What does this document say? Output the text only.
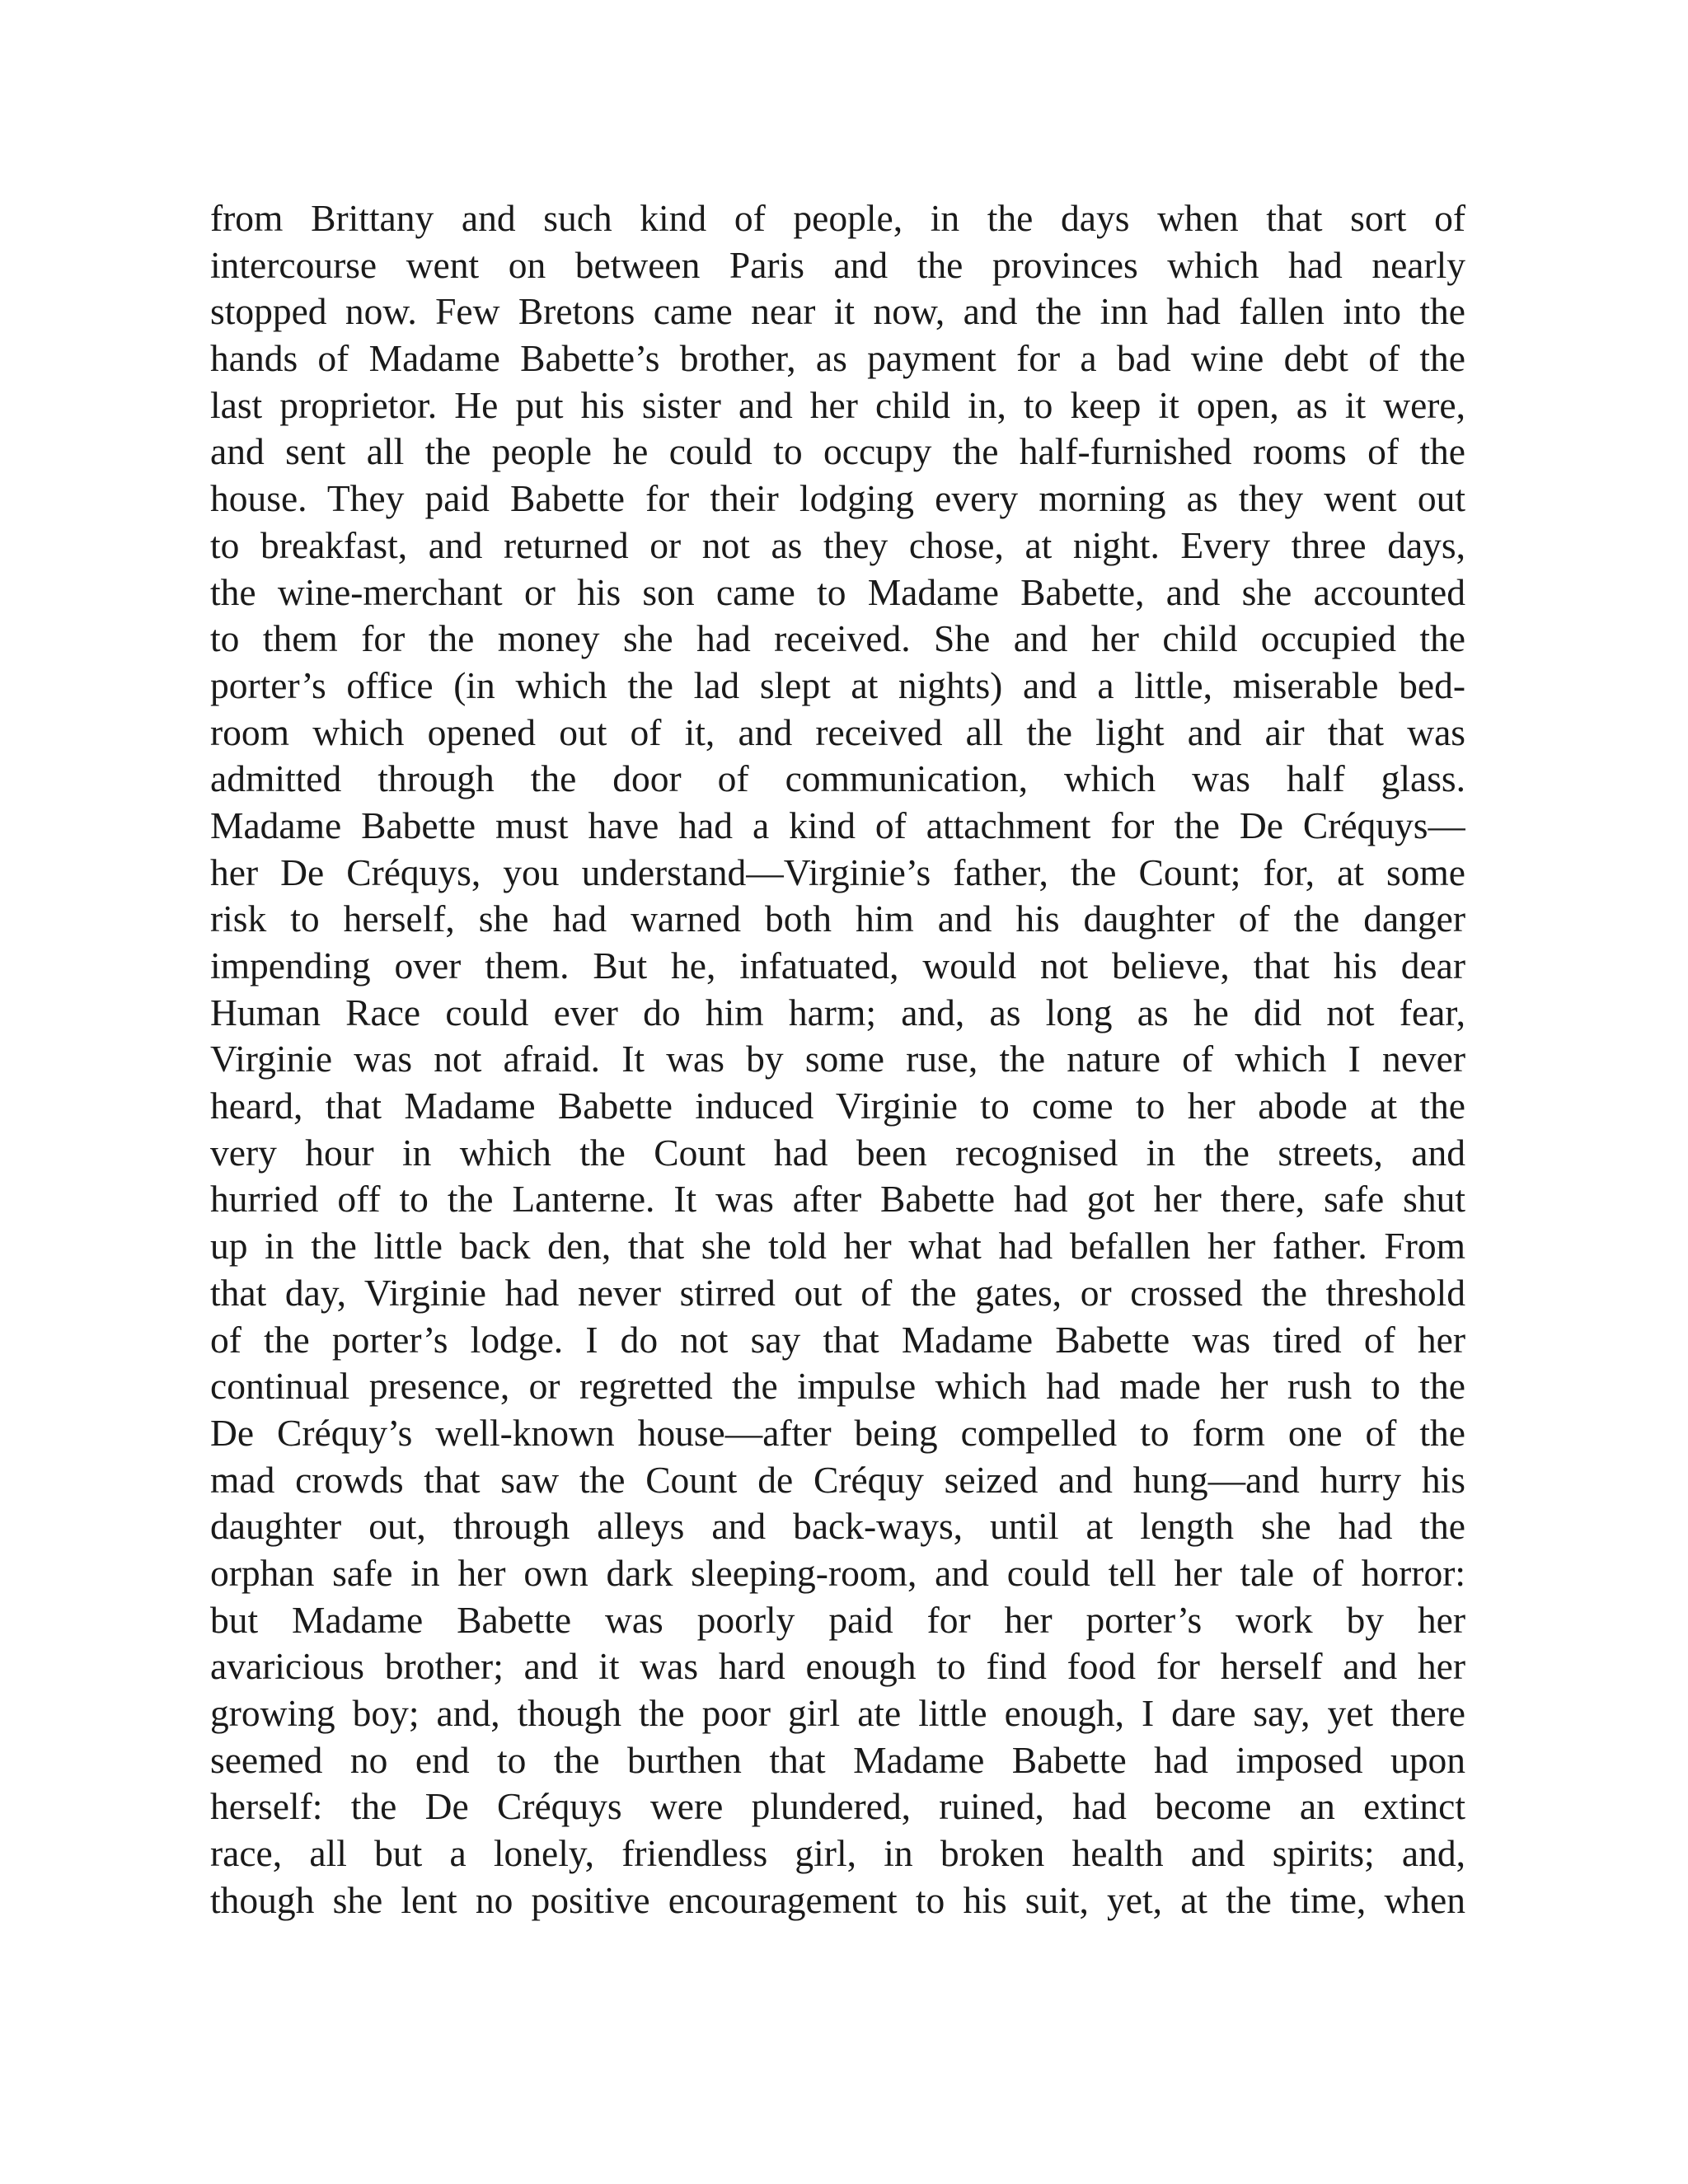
from Brittany and such kind of people, in the days when that sort of
intercourse went on between Paris and the provinces which had nearly
stopped now. Few Bretons came near it now, and the inn had fallen into the
hands of Madame Babette’s brother, as payment for a bad wine debt of the
last proprietor. He put his sister and her child in, to keep it open, as it were,
and sent all the people he could to occupy the half-furnished rooms of the
house. They paid Babette for their lodging every morning as they went out
to breakfast, and returned or not as they chose, at night. Every three days,
the wine-merchant or his son came to Madame Babette, and she accounted
to them for the money she had received. She and her child occupied the
porter’s office (in which the lad slept at nights) and a little, miserable bed-
room which opened out of it, and received all the light and air that was
admitted through the door of communication, which was half glass.
Madame Babette must have had a kind of attachment for the De Créquys—
her De Créquys, you understand—Virginie’s father, the Count; for, at some
risk to herself, she had warned both him and his daughter of the danger
impending over them. But he, infatuated, would not believe, that his dear
Human Race could ever do him harm; and, as long as he did not fear,
Virginie was not afraid. It was by some ruse, the nature of which I never
heard, that Madame Babette induced Virginie to come to her abode at the
very hour in which the Count had been recognised in the streets, and
hurried off to the Lanterne. It was after Babette had got her there, safe shut
up in the little back den, that she told her what had befallen her father. From
that day, Virginie had never stirred out of the gates, or crossed the threshold
of the porter’s lodge. I do not say that Madame Babette was tired of her
continual presence, or regretted the impulse which had made her rush to the
De Créquy’s well-known house—after being compelled to form one of the
mad crowds that saw the Count de Créquy seized and hung—and hurry his
daughter out, through alleys and back-ways, until at length she had the
orphan safe in her own dark sleeping-room, and could tell her tale of horror:
but Madame Babette was poorly paid for her porter’s work by her
avaricious brother; and it was hard enough to find food for herself and her
growing boy; and, though the poor girl ate little enough, I dare say, yet there
seemed no end to the burthen that Madame Babette had imposed upon
herself: the De Créquys were plundered, ruined, had become an extinct
race, all but a lonely, friendless girl, in broken health and spirits; and,
though she lent no positive encouragement to his suit, yet, at the time, when
